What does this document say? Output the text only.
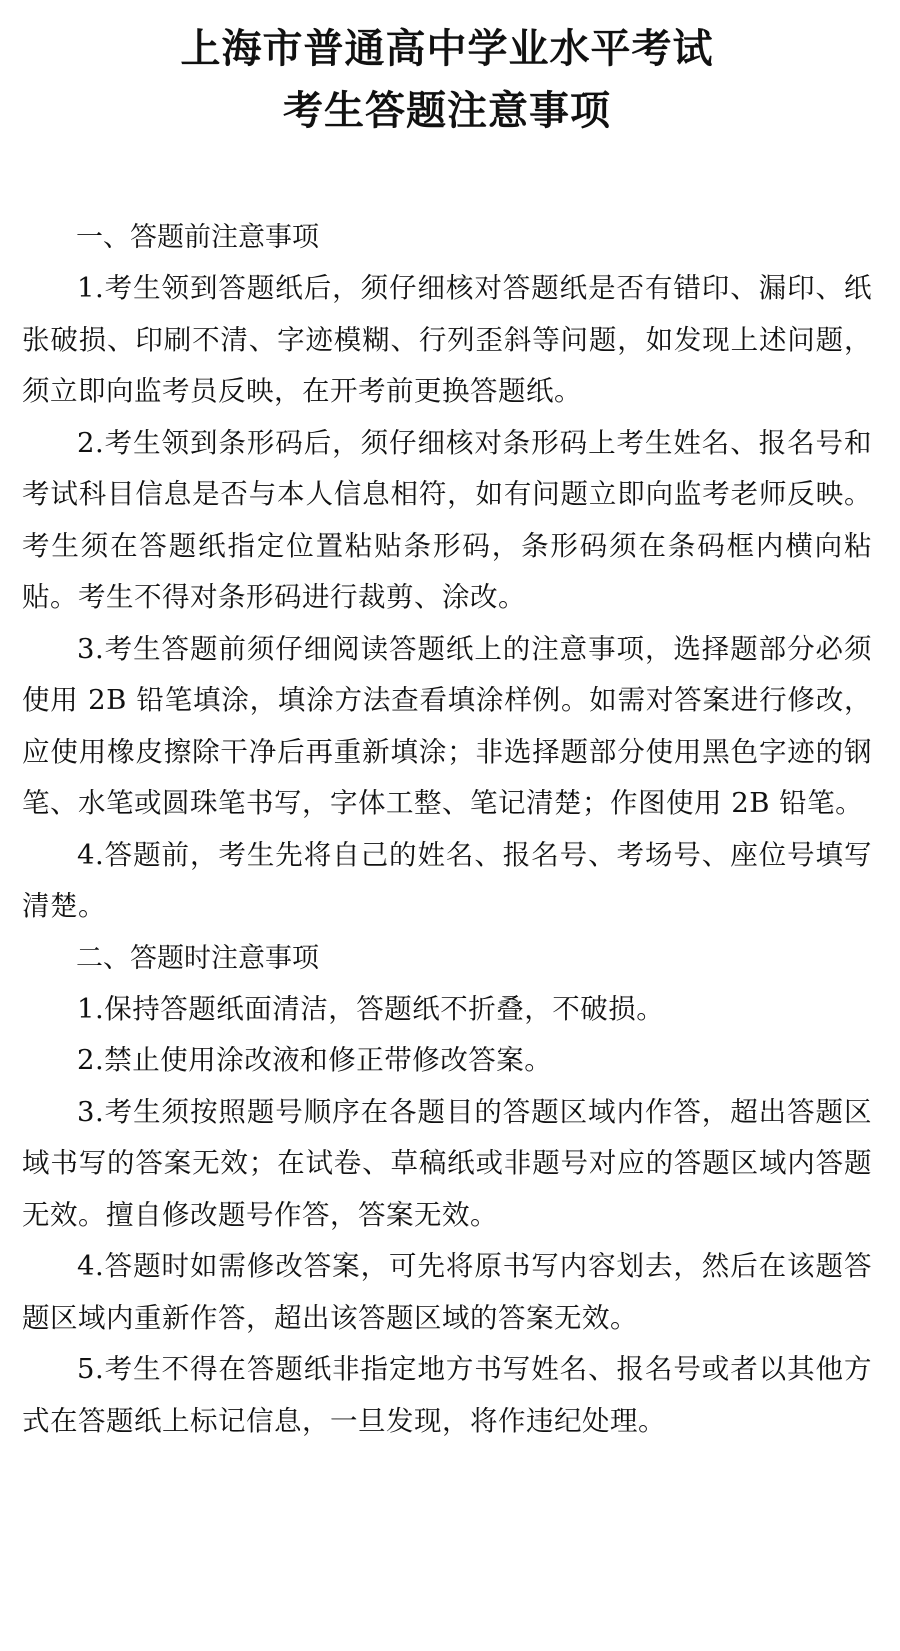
上海市普通高中学业水平考试
考生答题注意事项
一、答题前注意事项

1.考生领到答题纸后，须仔细核对答题纸是否有错印、漏印、纸张破损、印刷不清、字迹模糊、行列歪斜等问题，如发现上述问题，须立即向监考员反映，在开考前更换答题纸。

2.考生领到条形码后，须仔细核对条形码上考生姓名、报名号和考试科目信息是否与本人信息相符，如有问题立即向监考老师反映。考生须在答题纸指定位置粘贴条形码，条形码须在条码框内横向粘贴。考生不得对条形码进行裁剪、涂改。

3.考生答题前须仔细阅读答题纸上的注意事项，选择题部分必须使用 2B 铅笔填涂，填涂方法查看填涂样例。如需对答案进行修改，应使用橡皮擦除干净后再重新填涂；非选择题部分使用黑色字迹的钢笔、水笔或圆珠笔书写，字体工整、笔记清楚；作图使用 2B 铅笔。

4.答题前，考生先将自己的姓名、报名号、考场号、座位号填写清楚。

二、答题时注意事项

1.保持答题纸面清洁，答题纸不折叠，不破损。

2.禁止使用涂改液和修正带修改答案。

3.考生须按照题号顺序在各题目的答题区域内作答，超出答题区域书写的答案无效；在试卷、草稿纸或非题号对应的答题区域内答题无效。擅自修改题号作答，答案无效。

4.答题时如需修改答案，可先将原书写内容划去，然后在该题答题区域内重新作答，超出该答题区域的答案无效。

5.考生不得在答题纸非指定地方书写姓名、报名号或者以其他方式在答题纸上标记信息，一旦发现，将作违纪处理。
